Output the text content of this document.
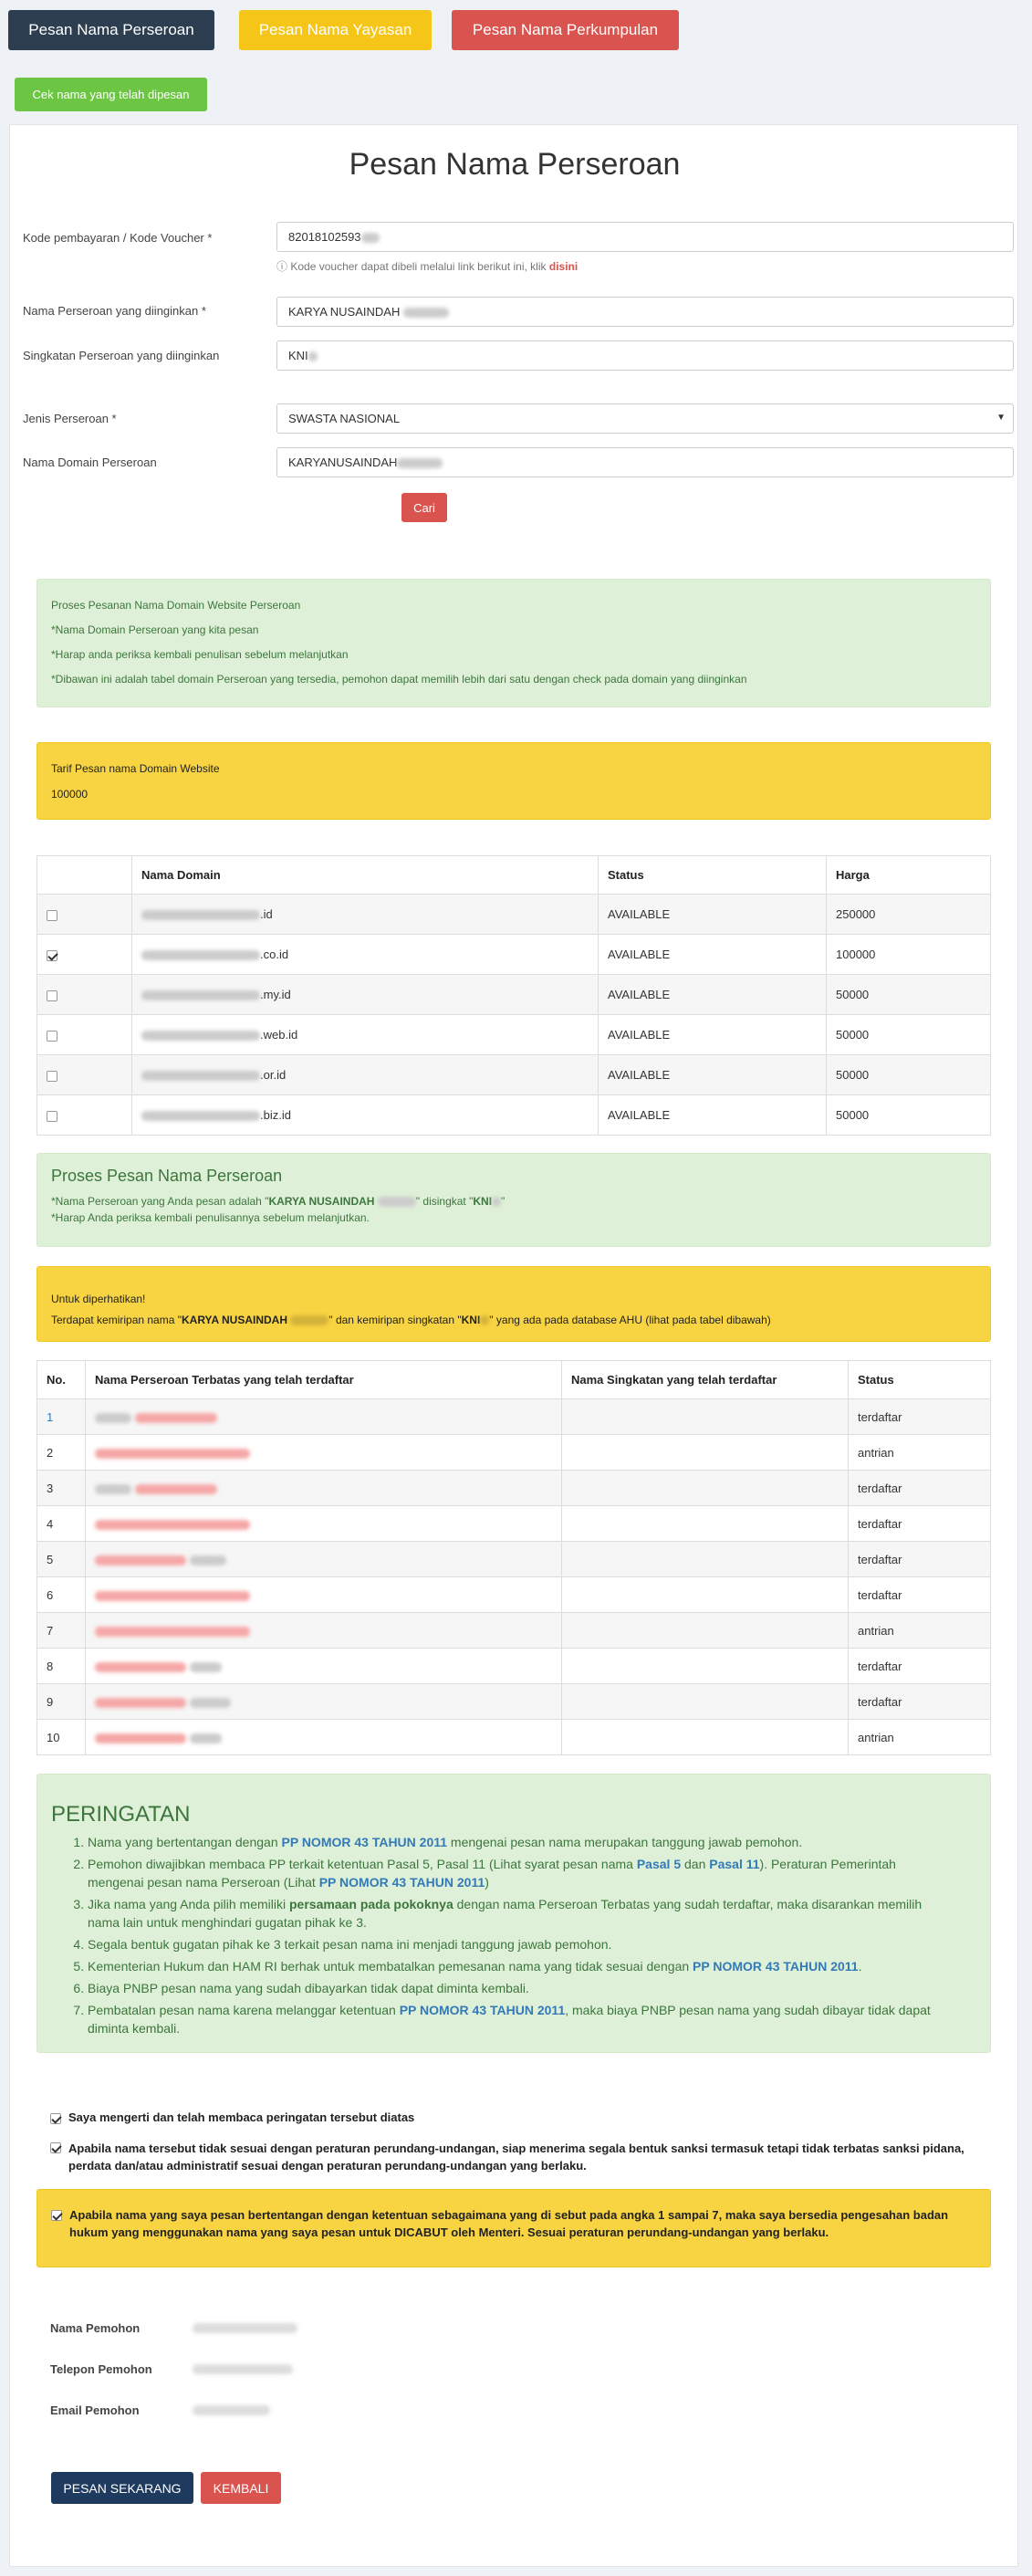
Pesan Nama Perseroan	Pesan Nama Yayasan	Pesan Nama Perkumpulan
Cek nama yang telah dipesan
Pesan Nama Perseroan
Kode pembayaran / Kode Voucher *	82018102593
ⓘ Kode voucher dapat dibeli melalui link berikut ini, klik disini
Nama Perseroan yang diinginkan *	KARYA NUSAINDAH
Singkatan Perseroan yang diinginkan	KNI
Jenis Perseroan *	SWASTA NASIONAL	▼
Nama Domain Perseroan	KARYANUSAINDAH
Cari
Proses Pesanan Nama Domain Website Perseroan
*Nama Domain Perseroan yang kita pesan
*Harap anda periksa kembali penulisan sebelum melanjutkan
*Dibawan ini adalah tabel domain Perseroan yang tersedia, pemohon dapat memilih lebih dari satu dengan check pada domain yang diinginkan
Tarif Pesan nama Domain Website
100000
	Nama Domain	Status	Harga
	.id	AVAILABLE	250000
	.co.id	AVAILABLE	100000
	.my.id	AVAILABLE	50000
	.web.id	AVAILABLE	50000
	.or.id	AVAILABLE	50000
	.biz.id	AVAILABLE	50000
Proses Pesan Nama Perseroan
*Nama Perseroan yang Anda pesan adalah "KARYA NUSAINDAH	" disingkat "KNI "
*Harap Anda periksa kembali penulisannya sebelum melanjutkan.
Untuk diperhatikan!
Terdapat kemiripan nama "KARYA NUSAINDAH	" dan kemiripan singkatan "KNI " yang ada pada database AHU (lihat pada tabel dibawah)
No.	Nama Perseroan Terbatas yang telah terdaftar	Nama Singkatan yang telah terdaftar	Status
1			terdaftar
2			antrian
3			terdaftar
4			terdaftar
5			terdaftar
6			terdaftar
7			antrian
8			terdaftar
9			terdaftar
10			antrian
PERINGATAN
1. Nama yang bertentangan dengan PP NOMOR 43 TAHUN 2011 mengenai pesan nama merupakan tanggung jawab pemohon.
2. Pemohon diwajibkan membaca PP terkait ketentuan Pasal 5, Pasal 11 (Lihat syarat pesan nama Pasal 5 dan Pasal 11). Peraturan Pemerintah mengenai pesan nama Perseroan (Lihat PP NOMOR 43 TAHUN 2011)
3. Jika nama yang Anda pilih memiliki persamaan pada pokoknya dengan nama Perseroan Terbatas yang sudah terdaftar, maka disarankan memilih nama lain untuk menghindari gugatan pihak ke 3.
4. Segala bentuk gugatan pihak ke 3 terkait pesan nama ini menjadi tanggung jawab pemohon.
5. Kementerian Hukum dan HAM RI berhak untuk membatalkan pemesanan nama yang tidak sesuai dengan PP NOMOR 43 TAHUN 2011.
6. Biaya PNBP pesan nama yang sudah dibayarkan tidak dapat diminta kembali.
7. Pembatalan pesan nama karena melanggar ketentuan PP NOMOR 43 TAHUN 2011, maka biaya PNBP pesan nama yang sudah dibayar tidak dapat diminta kembali.
Saya mengerti dan telah membaca peringatan tersebut diatas
Apabila nama tersebut tidak sesuai dengan peraturan perundang-undangan, siap menerima segala bentuk sanksi termasuk tetapi tidak terbatas sanksi pidana, perdata dan/atau administratif sesuai dengan peraturan perundang-undangan yang berlaku.
Apabila nama yang saya pesan bertentangan dengan ketentuan sebagaimana yang di sebut pada angka 1 sampai 7, maka saya bersedia pengesahan badan hukum yang menggunakan nama yang saya pesan untuk DICABUT oleh Menteri. Sesuai peraturan perundang-undangan yang berlaku.
Nama Pemohon
Telepon Pemohon
Email Pemohon
PESAN SEKARANG	KEMBALI
